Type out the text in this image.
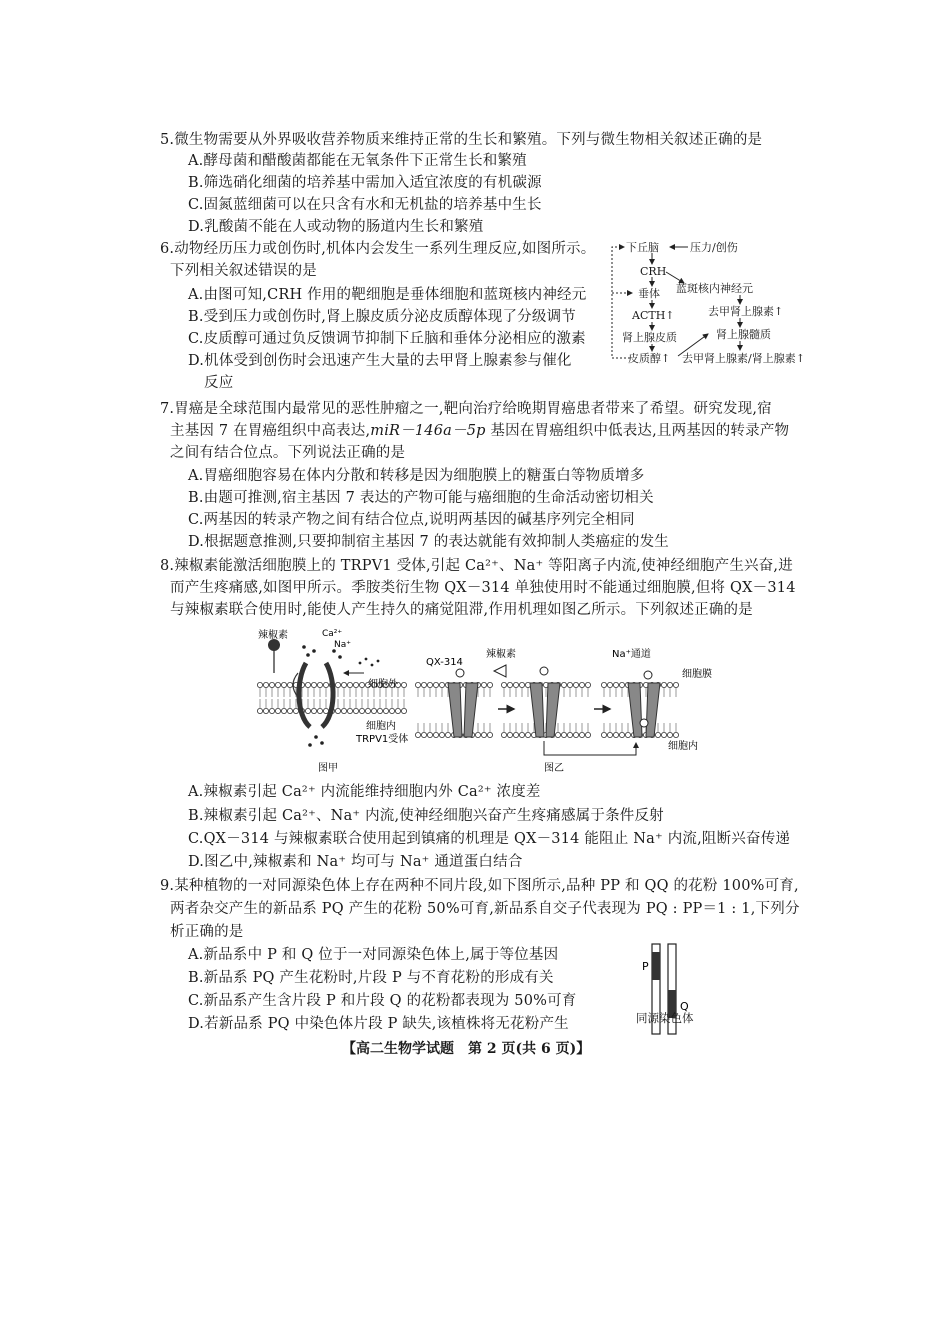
5.微生物需要从外界吸收营养物质来维持正常的生长和繁殖。下列与微生物相关叙述正确的是
A.酵母菌和醋酸菌都能在无氧条件下正常生长和繁殖
B.筛选硝化细菌的培养基中需加入适宜浓度的有机碳源
C.固氮蓝细菌可以在只含有水和无机盐的培养基中生长
D.乳酸菌不能在人或动物的肠道内生长和繁殖
6.动物经历压力或创伤时,机体内会发生一系列生理反应,如图所示。
下列相关叙述错误的是
A.由图可知,CRH 作用的靶细胞是垂体细胞和蓝斑核内神经元
B.受到压力或创伤时,肾上腺皮质分泌皮质醇体现了分级调节
C.皮质醇可通过负反馈调节抑制下丘脑和垂体分泌相应的激素
D.机体受到创伤时会迅速产生大量的去甲肾上腺素参与催化
反应
下丘脑	压力/创伤
CRH
蓝斑核内神经元
垂体
ACTH↑	去甲肾上腺素↑
肾上腺皮质	肾上腺髓质
皮质醇↑ 去甲肾上腺素/肾上腺素↑
7.胃癌是全球范围内最常见的恶性肿瘤之一,靶向治疗给晚期胃癌患者带来了希望。研究发现,宿
主基因 7 在胃癌组织中高表达,miR－146a－5p 基因在胃癌组织中低表达,且两基因的转录产物
之间有结合位点。下列说法正确的是
A.胃癌细胞容易在体内分散和转移是因为细胞膜上的糖蛋白等物质增多
B.由题可推测,宿主基因 7 表达的产物可能与癌细胞的生命活动密切相关
C.两基因的转录产物之间有结合位点,说明两基因的碱基序列完全相同
D.根据题意推测,只要抑制宿主基因 7 的表达就能有效抑制人类癌症的发生
8.辣椒素能激活细胞膜上的 TRPV1 受体,引起 Ca²⁺、Na⁺ 等阳离子内流,使神经细胞产生兴奋,进
而产生疼痛感,如图甲所示。季胺类衍生物 QX－314 单独使用时不能通过细胞膜,但将 QX－314
与辣椒素联合使用时,能使人产生持久的痛觉阻滞,作用机理如图乙所示。下列叙述正确的是
辣椒素	Ca²⁺
Na⁺
细胞外
细胞内
TRPV1受体
图甲
QX-314
辣椒素	Na⁺通道
细胞膜
细胞内
图乙
A.辣椒素引起 Ca²⁺ 内流能维持细胞内外 Ca²⁺ 浓度差
B.辣椒素引起 Ca²⁺、Na⁺ 内流,使神经细胞兴奋产生疼痛感属于条件反射
C.QX－314 与辣椒素联合使用起到镇痛的机理是 QX－314 能阻止 Na⁺ 内流,阻断兴奋传递
D.图乙中,辣椒素和 Na⁺ 均可与 Na⁺ 通道蛋白结合
9.某种植物的一对同源染色体上存在两种不同片段,如下图所示,品种 PP 和 QQ 的花粉 100%可育,
两者杂交产生的新品系 PQ 产生的花粉 50%可育,新品系自交子代表现为 PQ : PP＝1 : 1,下列分
析正确的是
A.新品系中 P 和 Q 位于一对同源染色体上,属于等位基因
B.新品系 PQ 产生花粉时,片段 P 与不育花粉的形成有关
C.新品系产生含片段 P 和片段 Q 的花粉都表现为 50%可育
D.若新品系 PQ 中染色体片段 P 缺失,该植株将无花粉产生
P
Q
同源染色体
【高二生物学试题　第 2 页(共 6 页)】
